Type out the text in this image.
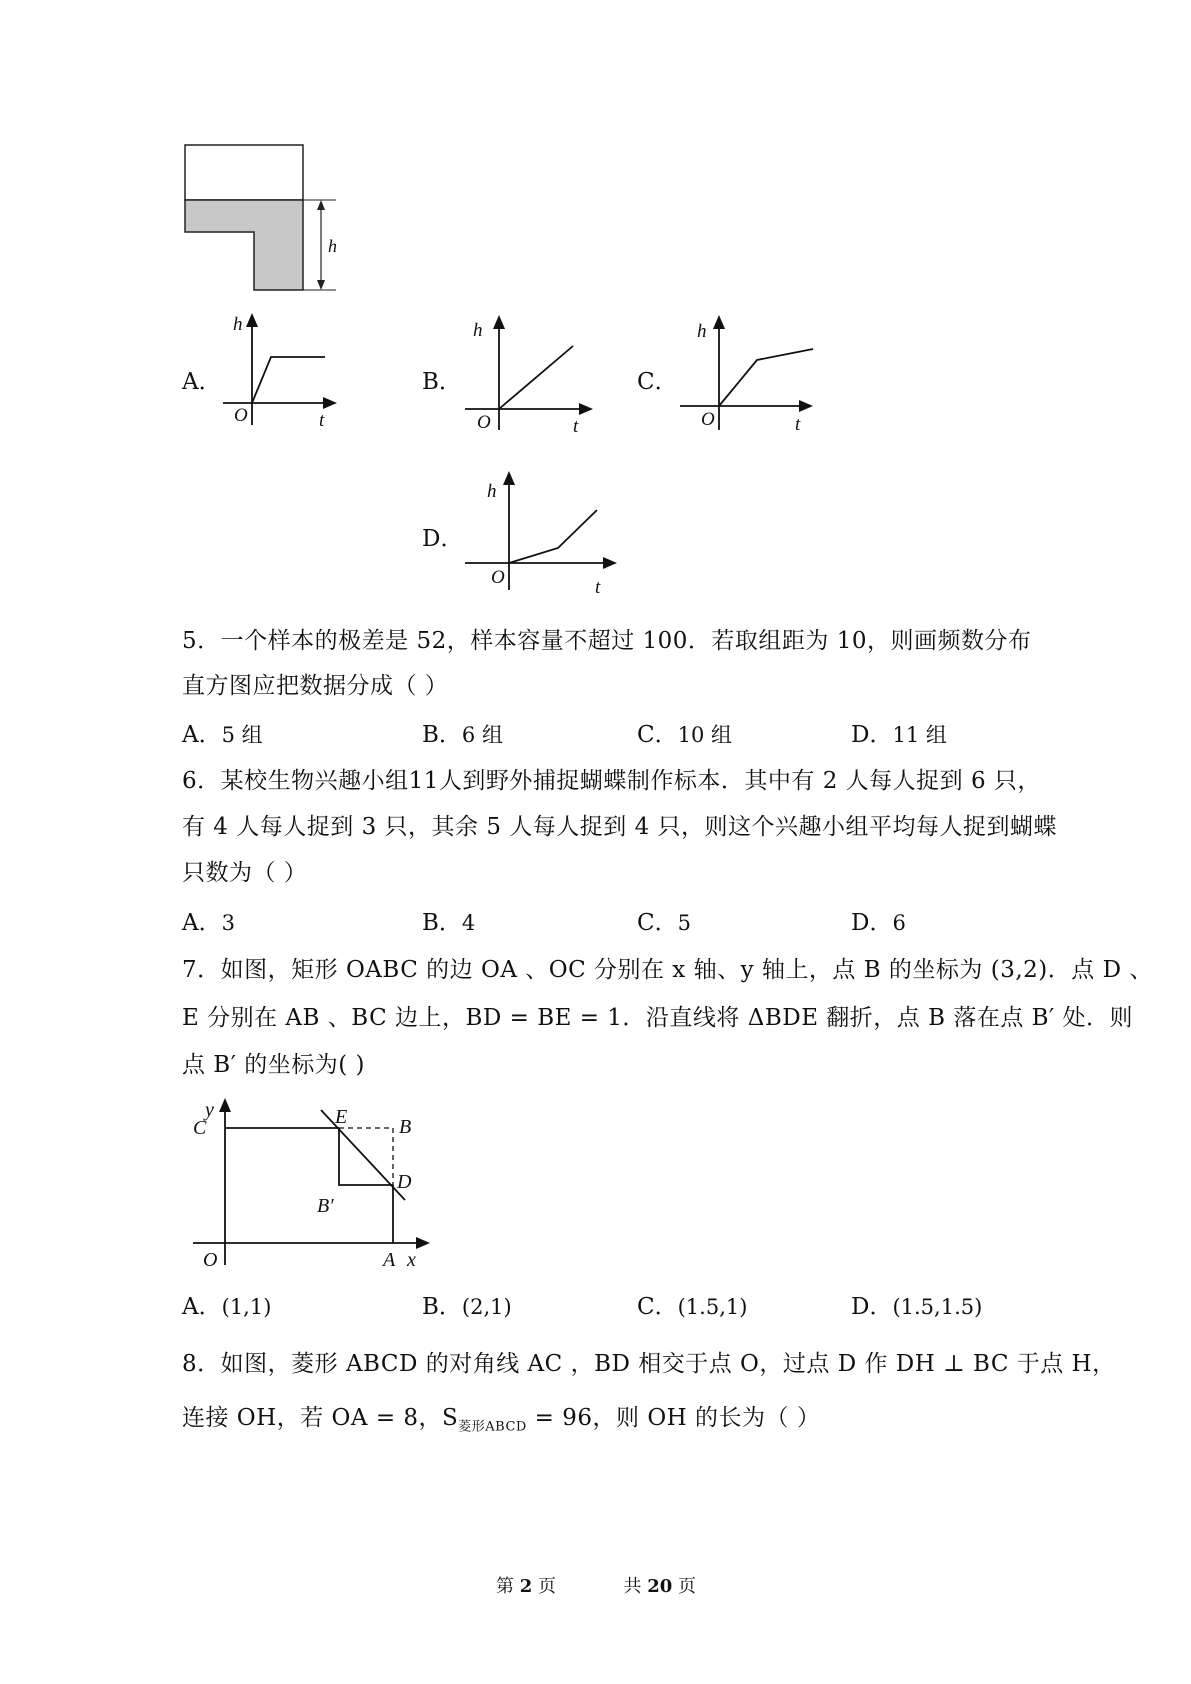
h
A．
h
O	t
B．
h
O	t
C．
h
O	t
D．
h
O	t
5．一个样本的极差是 52，样本容量不超过 100．若取组距为 10，则画频数分布
直方图应把数据分成（ ）
A．5 组	B．6 组	C．10 组	D．11 组
6．某校生物兴趣小组11人到野外捕捉蝴蝶制作标本．其中有 2 人每人捉到 6 只，
有 4 人每人捉到 3 只，其余 5 人每人捉到 4 只，则这个兴趣小组平均每人捉到蝴蝶
只数为（ ）
A．3	B．4	C．5	D．6
7．如图，矩形 OABC 的边 OA 、OC 分别在 x 轴、y 轴上，点 B 的坐标为 (3,2)．点 D 、
E 分别在 AB 、BC 边上，BD = BE = 1．沿直线将 ΔBDE 翻折，点 B 落在点 B′ 处．则
点 B′ 的坐标为( )
y
C	E	B
D
B′
O	A x
A．(1,1)	B．(2,1)	C．(1.5,1)	D．(1.5,1.5)
8．如图，菱形 ABCD 的对角线 AC ，BD 相交于点 O，过点 D 作 DH ⊥ BC 于点 H，
连接 OH，若 OA = 8，$S_{菱形ABCD} = 96$，则 OH 的长为（ ）
第 2 页	共 20 页
